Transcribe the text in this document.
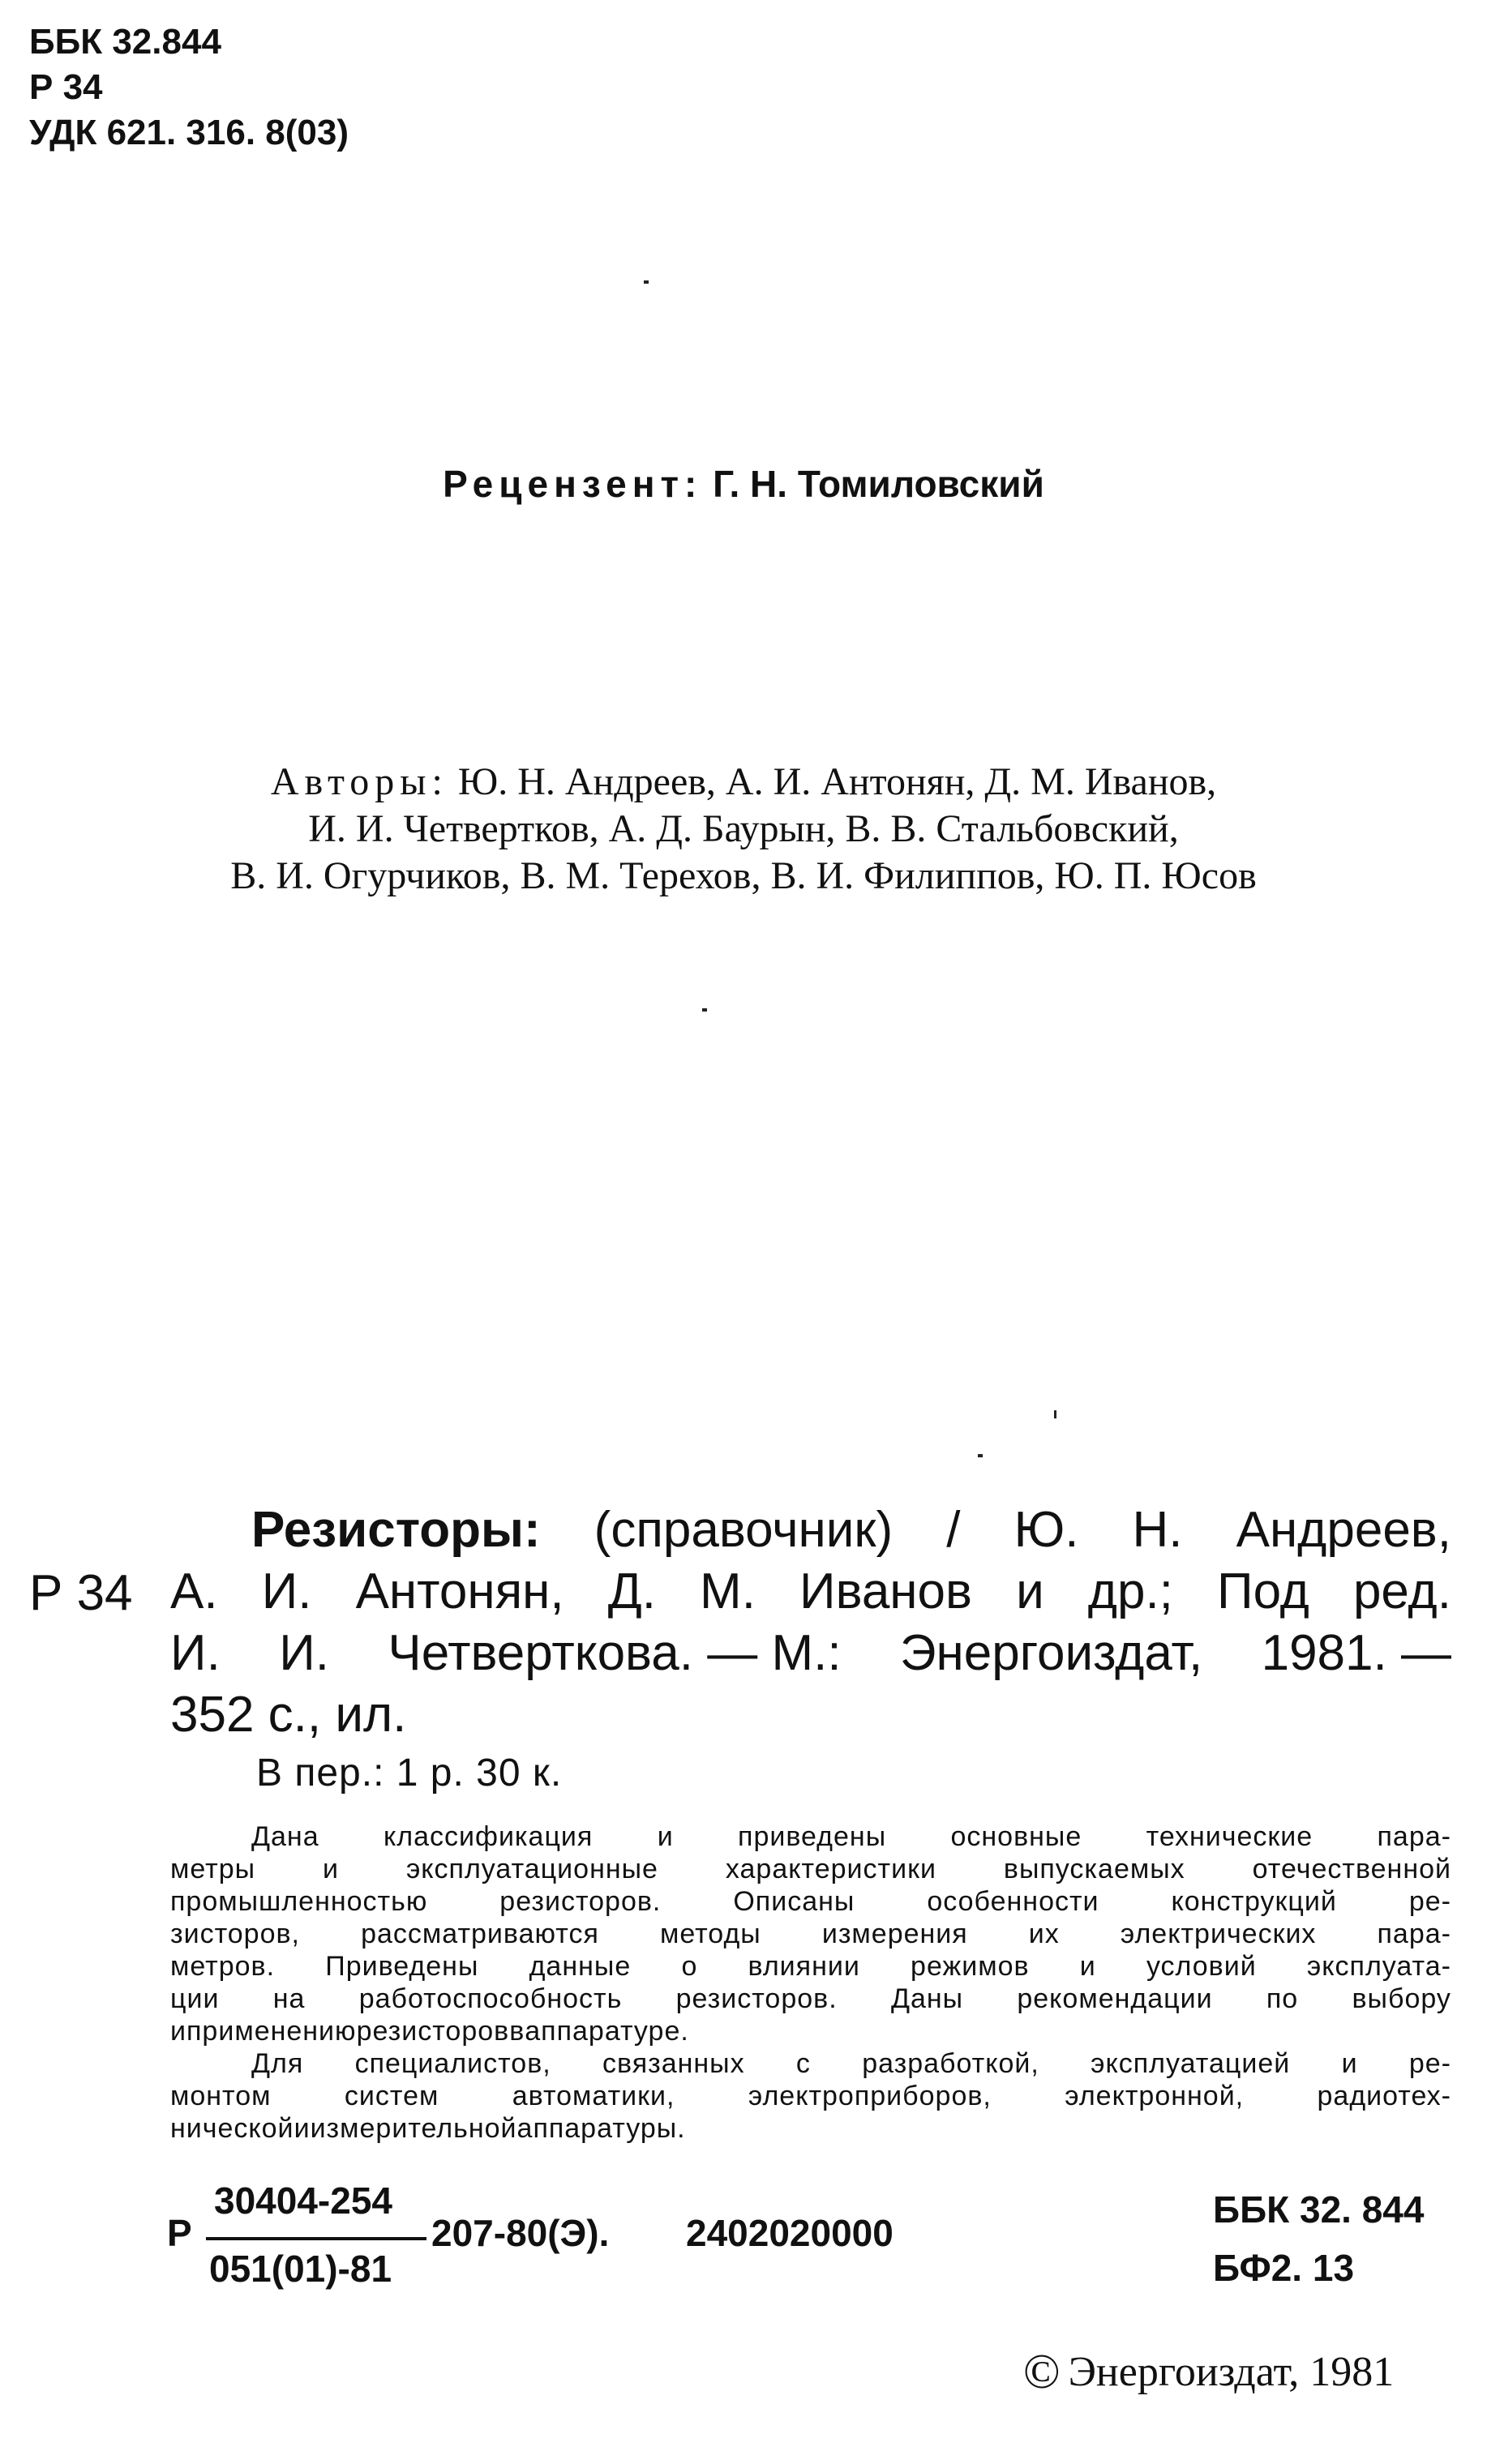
ББК 32.844
Р 34
УДК 621. 316. 8(03)
Рецензент: Г. Н. Томиловский
Авторы: Ю. Н. Андреев, А. И. Антонян, Д. М. Иванов,
И. И. Четвертков, А. Д. Баурын, В. В. Стальбовский,
В. И. Огурчиков, В. М. Терехов, В. И. Филиппов, Ю. П. Юсов
Р 34
Резисторы: (справочник) / Ю. Н. Андреев,
А. И. Антонян, Д. М. Иванов и др.; Под ред.
И. И. Четверткова. — М.: Энергоиздат, 1981. —
352 с., ил.
В пер.: 1 р. 30 к.
Дана классификация и приведены основные технические пара-
метры и эксплуатационные характеристики выпускаемых отечественной
промышленностью	резисторов.	Описаны	особенности	конструкций	ре-
зисторов, рассматриваются методы измерения их электрических пара-
метров. Приведены данные о влиянии режимов и условий эксплуата-
ции на работоспособность резисторов. Даны рекомендации по выбору
и применению резисторов в аппаратуре.
Для специалистов, связанных с разработкой, эксплуатацией и ре-
монтом	систем	автоматики,	электроприборов,	электронной,	радиотех-
нической и измерительной аппаратуры.
Р
30404-254
051(01)-81
207-80(Э). 2402020000
ББК 32. 844
БФ2. 13
© Энергоиздат, 1981
